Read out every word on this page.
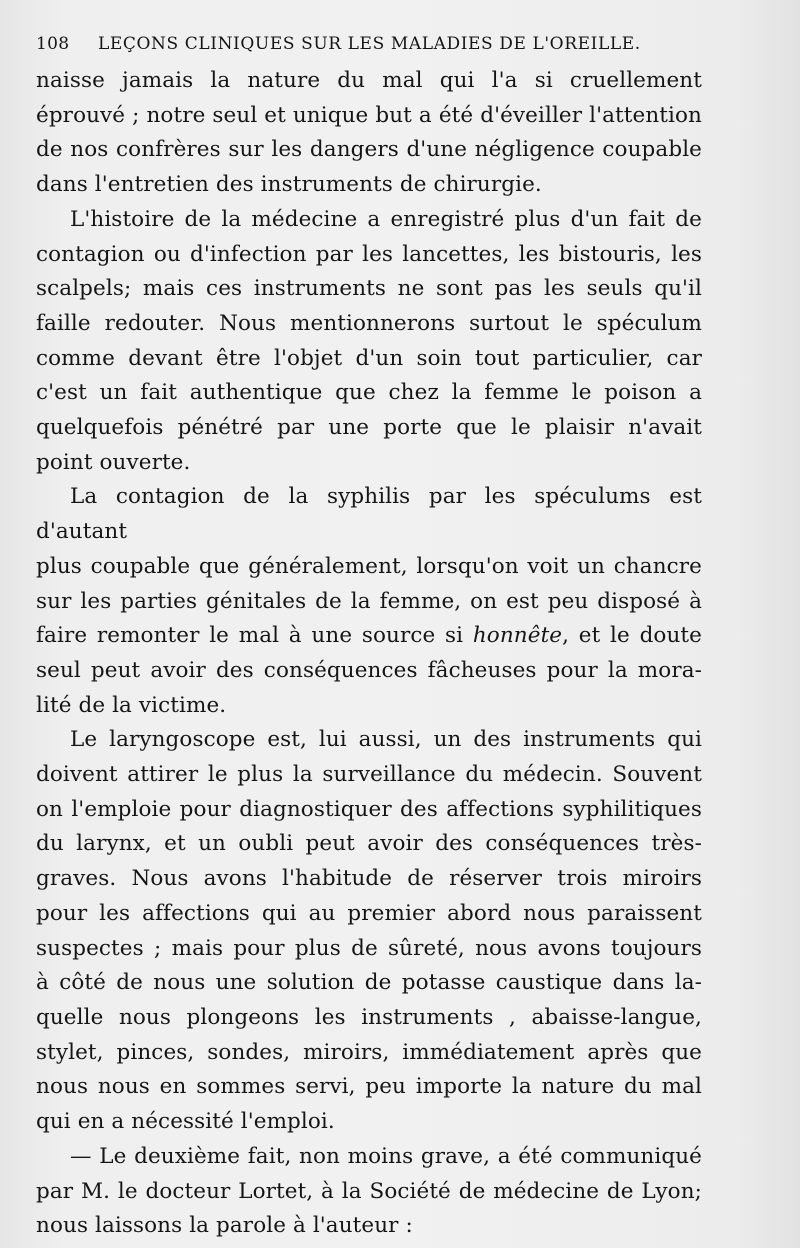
108	LEÇONS CLINIQUES SUR LES MALADIES DE L'OREILLE.

naisse jamais la nature du mal qui l'a si cruellement

éprouvé ; notre seul et unique but a été d'éveiller l'attention

de nos confrères sur les dangers d'une négligence coupable

dans l'entretien des instruments de chirurgie.

L'histoire de la médecine a enregistré plus d'un fait de

contagion ou d'infection par les lancettes, les bistouris, les

scalpels; mais ces instruments ne sont pas les seuls qu'il

faille redouter. Nous mentionnerons surtout le spéculum

comme devant être l'objet d'un soin tout particulier, car

c'est un fait authentique que chez la femme le poison a

quelquefois pénétré par une porte que le plaisir n'avait

point ouverte.

La contagion de la syphilis par les spéculums est d'autant

plus coupable que généralement, lorsqu'on voit un chancre

sur les parties génitales de la femme, on est peu disposé à

faire remonter le mal à une source si honnête, et le doute

seul peut avoir des conséquences fâcheuses pour la mora-

lité de la victime.

Le laryngoscope est, lui aussi, un des instruments qui

doivent attirer le plus la surveillance du médecin. Souvent

on l'emploie pour diagnostiquer des affections syphilitiques

du larynx, et un oubli peut avoir des conséquences très-

graves. Nous avons l'habitude de réserver trois miroirs

pour les affections qui au premier abord nous paraissent

suspectes ; mais pour plus de sûreté, nous avons toujours

à côté de nous une solution de potasse caustique dans la-

quelle nous plongeons les instruments , abaisse-langue,

stylet, pinces, sondes, miroirs, immédiatement après que

nous nous en sommes servi, peu importe la nature du mal

qui en a nécessité l'emploi.

— Le deuxième fait, non moins grave, a été communiqué

par M. le docteur Lortet, à la Société de médecine de Lyon;

nous laissons la parole à l'auteur :
